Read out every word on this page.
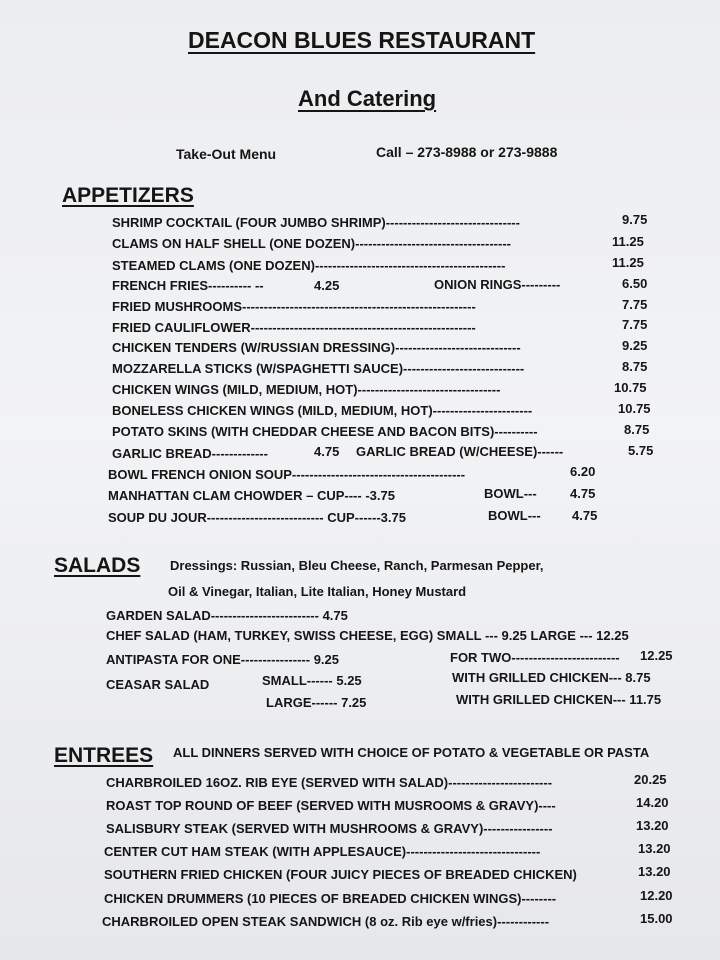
DEACON BLUES RESTAURANT
And Catering
Take-Out Menu	Call – 273-8988 or 273-9888
APPETIZERS
SHRIMP COCKTAIL (FOUR JUMBO SHRIMP)-------------------------------	9.75
CLAMS ON HALF SHELL (ONE DOZEN)------------------------------------	11.25
STEAMED CLAMS (ONE DOZEN)--------------------------------------------	11.25
FRENCH FRIES---------- --	4.25	ONION RINGS---------	6.50
FRIED MUSHROOMS------------------------------------------------------	7.75
FRIED CAULIFLOWER----------------------------------------------------	7.75
CHICKEN TENDERS (W/RUSSIAN DRESSING)-----------------------------	9.25
MOZZARELLA STICKS (W/SPAGHETTI SAUCE)----------------------------	8.75
CHICKEN WINGS (MILD, MEDIUM, HOT)---------------------------------	10.75
BONELESS CHICKEN WINGS (MILD, MEDIUM, HOT)-----------------------	10.75
POTATO SKINS (WITH CHEDDAR CHEESE AND BACON BITS)----------	8.75
GARLIC BREAD-------------	4.75 GARLIC BREAD (W/CHEESE)------	5.75
BOWL FRENCH ONION SOUP----------------------------------------	6.20
MANHATTAN CLAM CHOWDER – CUP---- -3.75	BOWL---	4.75
SOUP DU JOUR--------------------------- CUP------3.75	BOWL--- 4.75
SALADS Dressings: Russian, Bleu Cheese, Ranch, Parmesan Pepper,
Oil & Vinegar, Italian, Lite Italian, Honey Mustard
GARDEN SALAD------------------------- 4.75
CHEF SALAD (HAM, TURKEY, SWISS CHEESE, EGG) SMALL --- 9.25 LARGE --- 12.25
ANTIPASTA FOR ONE---------------- 9.25	FOR TWO------------------------- 12.25
CEASAR SALAD	SMALL------ 5.25	WITH GRILLED CHICKEN--- 8.75
LARGE------ 7.25	WITH GRILLED CHICKEN--- 11.75
ENTREES ALL DINNERS SERVED WITH CHOICE OF POTATO & VEGETABLE OR PASTA
CHARBROILED 16OZ. RIB EYE (SERVED WITH SALAD)------------------------	20.25
ROAST TOP ROUND OF BEEF (SERVED WITH MUSROOMS & GRAVY)----	14.20
SALISBURY STEAK (SERVED WITH MUSHROOMS & GRAVY)----------------	13.20
CENTER CUT HAM STEAK (WITH APPLESAUCE)-------------------------------	13.20
SOUTHERN FRIED CHICKEN (FOUR JUICY PIECES OF BREADED CHICKEN)	13.20
CHICKEN DRUMMERS (10 PIECES OF BREADED CHICKEN WINGS)--------	12.20
CHARBROILED OPEN STEAK SANDWICH (8 oz. Rib eye w/fries)------------	15.00
